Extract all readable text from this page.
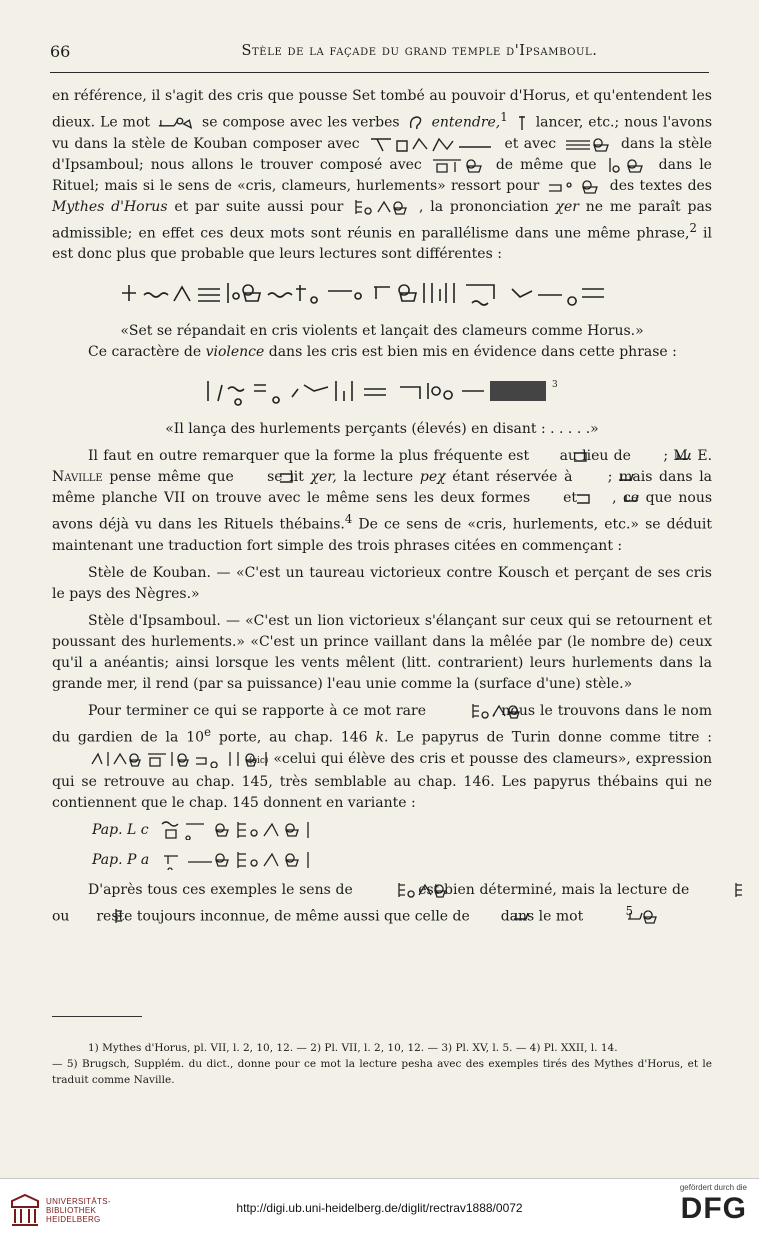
66	Stèle de la façade du grand temple d'Ipsamboul.

en référence, il s'agit des cris que pousse Set tombé au pouvoir d'Horus, et qu'entendent les dieux. Le mot	se compose avec les verbes entendre,$^1$ lancer, etc.; nous l'avons vu dans la stèle de Kouban composer avec	et avec	dans la stèle d'Ipsamboul; nous allons le trouver composé avec	de même que	dans le Rituel; mais si le sens de «cris, clameurs, hurlements» ressort pour	des textes des Mythes d'Horus et par suite aussi pour	, la prononciation χer ne me paraît pas admissible; en effet ces deux mots sont réunis en parallélisme dans une même phrase,$^2$ il est donc plus que probable que leurs lectures sont différentes :

«Set se répandait en cris violents et lançait des clameurs comme Horus.»

Ce caractère de violence dans les cris est bien mis en évidence dans cette phrase :

3

«Il lança des hurlements perçants (élevés) en disant : . . . . .»

Il faut en outre remarquer que la forme la plus fréquente est au lieu de ; M. E. Naville pense même que se lit χer, la lecture peχ étant réservée à	; mais dans la même planche VII on trouve avec le même sens les deux formes et	, ce que nous avons déjà vu dans les Rituels thébains.$^4$ De ce sens de «cris, hurlements, etc.» se déduit maintenant une traduction fort simple des trois phrases citées en commençant :

Stèle de Kouban. — «C'est un taureau victorieux contre Kousch et perçant de ses cris le pays des Nègres.»

Stèle d'Ipsamboul. — «C'est un lion victorieux s'élançant sur ceux qui se retournent et poussant des hurlements.» «C'est un prince vaillant dans la mêlée par (le nombre de) ceux qu'il a anéantis; ainsi lorsque les vents mêlent (litt. contrarient) leurs hurlements dans la grande mer, il rend (par sa puissance) l'eau unie comme la (surface d'une) stèle.»

Pour terminer ce qui se rapporte à ce mot rare	, nous le trouvons dans le nom du gardien de la 10e porte, au chap. 146 k. Le papyrus de Turin donne comme titre :  (sic) «celui qui élève des cris et pousse des clameurs», expression qui se retrouve au chap. 145, très semblable au chap. 146. Les papyrus thébains qui ne contiennent que le chap. 145 donnent en variante :

Pap. L c
Pap. P a

D'après tous ces exemples le sens de	est bien déterminé, mais la lecture de  ou reste toujours inconnue, de même aussi que celle de dans le mot	$^5$

1) Mythes d'Horus, pl. VII, l. 2, 10, 12. — 2) Pl. VII, l. 2, 10, 12. — 3) Pl. XV, l. 5. — 4) Pl. XXII, l. 14.

— 5) Brugsch, Supplém. du dict., donne pour ce mot la lecture pesha avec des exemples tirés des Mythes d'Horus, et le traduit comme Naville.

UNIVERSITÄTS-
BIBLIOTHEK
HEIDELBERG
http://digi.ub.uni-heidelberg.de/diglit/rectrav1888/0072
gefördert durch die
DFG
